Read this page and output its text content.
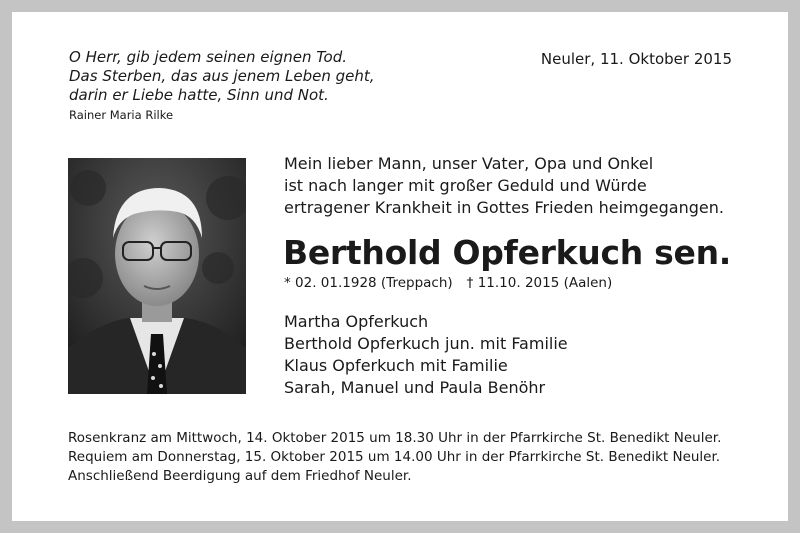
O Herr, gib jedem seinen eignen Tod.
Das Sterben, das aus jenem Leben geht,
darin er Liebe hatte, Sinn und Not.
Rainer Maria Rilke
Neuler, 11. Oktober 2015
Mein lieber Mann, unser Vater, Opa und Onkel
ist nach langer mit großer Geduld und Würde
ertragener Krankheit in Gottes Frieden heimgegangen.
Berthold Opferkuch sen.
* 02. 01.1928 (Treppach) † 11.10. 2015 (Aalen)
Martha Opferkuch
Berthold Opferkuch jun. mit Familie
Klaus Opferkuch mit Familie
Sarah, Manuel und Paula Benöhr
Rosenkranz am Mittwoch, 14. Oktober 2015 um 18.30 Uhr in der Pfarrkirche St. Benedikt Neuler.
Requiem am Donnerstag, 15. Oktober 2015 um 14.00 Uhr in der Pfarrkirche St. Benedikt Neuler.
Anschließend Beerdigung auf dem Friedhof Neuler.
